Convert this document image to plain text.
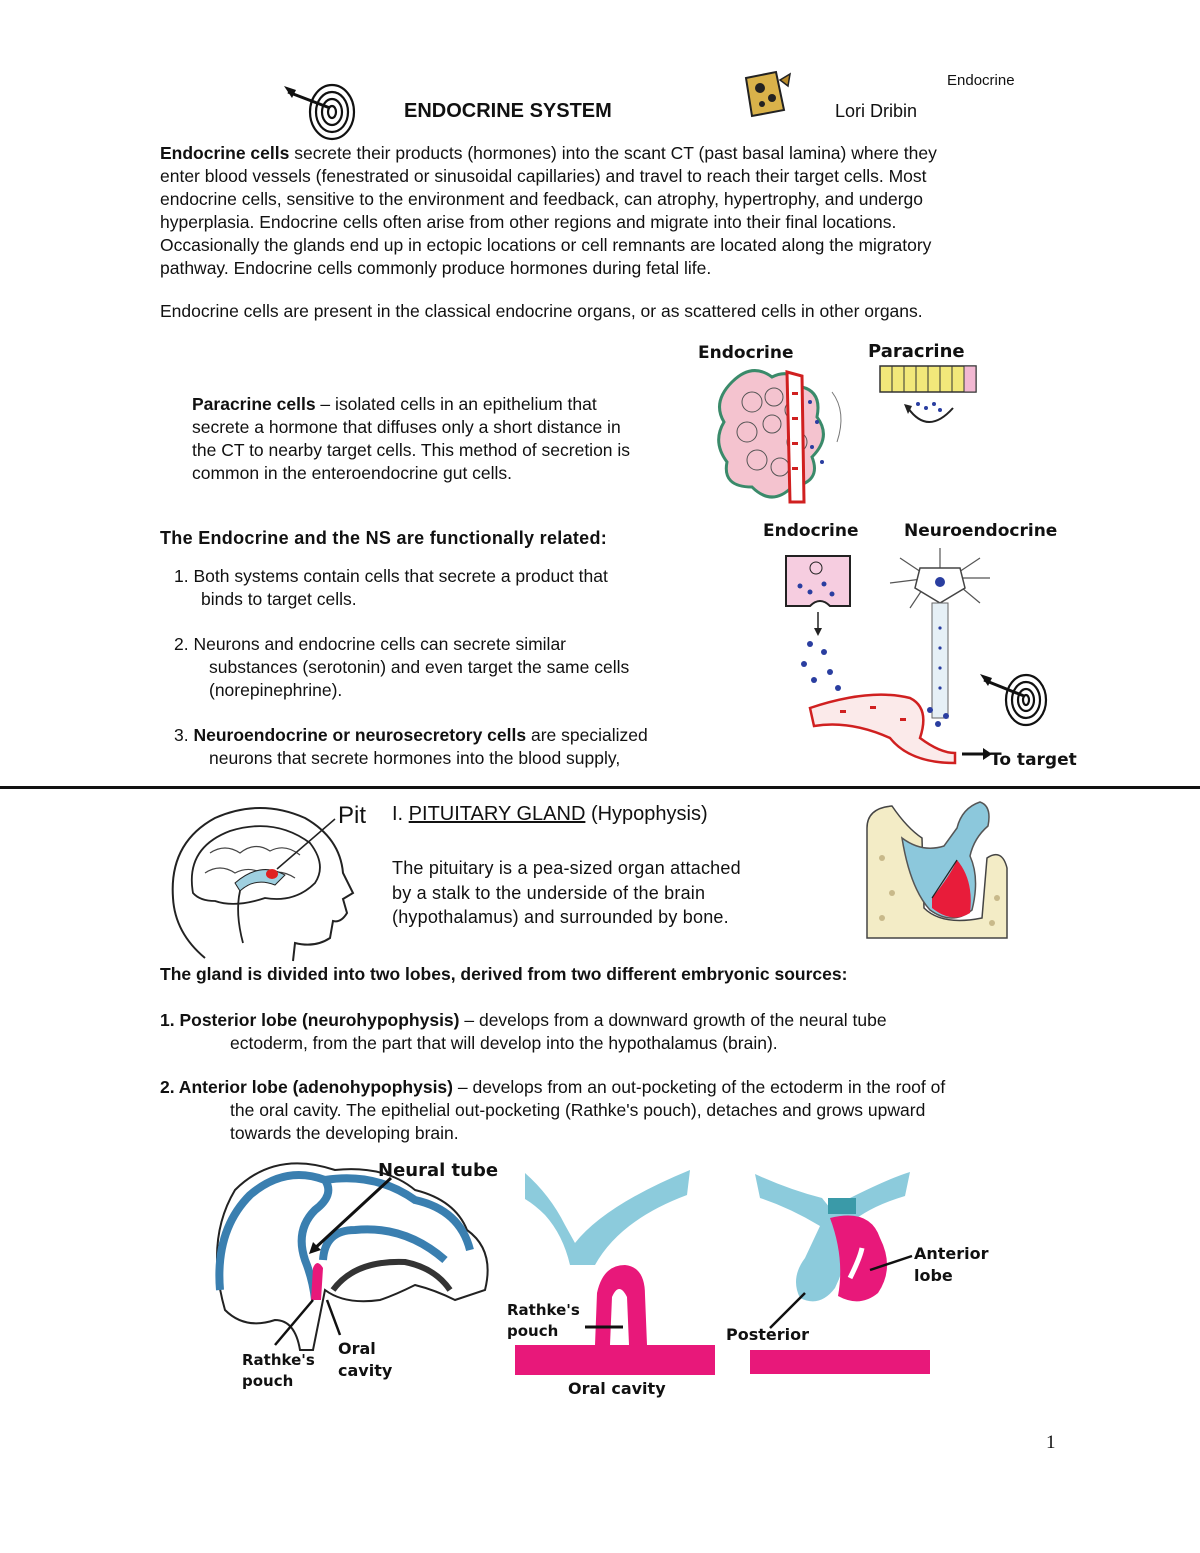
Endocrine
ENDOCRINE SYSTEM	Lori Dribin
Endocrine cells secrete their products (hormones) into the scant CT (past basal lamina) where they
enter blood vessels (fenestrated or sinusoidal capillaries) and travel to reach their target cells. Most
endocrine cells, sensitive to the environment and feedback, can atrophy, hypertrophy, and undergo
hyperplasia. Endocrine cells often arise from other regions and migrate into their final locations.
Occasionally the glands end up in ectopic locations or cell remnants are located along the migratory
pathway. Endocrine cells commonly produce hormones during fetal life.
Endocrine cells are present in the classical endocrine organs, or as scattered cells in other organs.
Endocrine	Paracrine
Paracrine cells – isolated cells in an epithelium that
secrete a hormone that diffuses only a short distance in
the CT to nearby target cells. This method of secretion is
common in the enteroendocrine gut cells.
The Endocrine and the NS are functionally related:
1. Both systems contain cells that secrete a product that
binds to target cells.
2. Neurons and endocrine cells can secrete similar
substances (serotonin) and even target the same cells
(norepinephrine).
3. Neuroendocrine or neurosecretory cells are specialized
neurons that secrete hormones into the blood supply,
Endocrine	Neuroendocrine
To target
Pit I. PITUITARY GLAND (Hypophysis)
The pituitary is a pea-sized organ attached
by a stalk to the underside of the brain
(hypothalamus) and surrounded by bone.
The gland is divided into two lobes, derived from two different embryonic sources:
1. Posterior lobe (neurohypophysis) – develops from a downward growth of the neural tube
ectoderm, from the part that will develop into the hypothalamus (brain).
2. Anterior lobe (adenohypophysis) – develops from an out-pocketing of the ectoderm in the roof of
the oral cavity. The epithelial out-pocketing (Rathke's pouch), detaches and grows upward
towards the developing brain.
Neural tube
Oral
cavity
Rathke's
pouch
Rathke's
pouch
Oral cavity
Anterior
lobe
Posterior
1
